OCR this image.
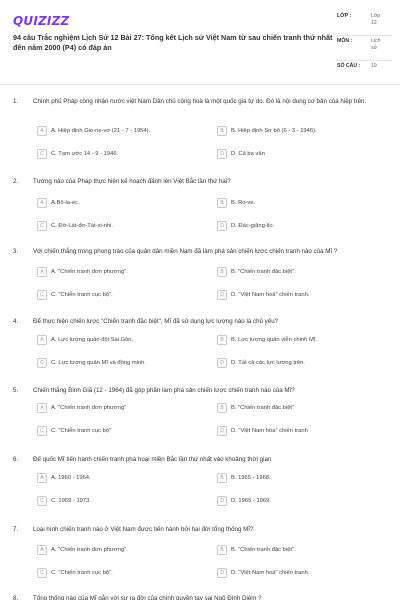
QUIZIZZ
94 câu Trắc nghiệm Lịch Sử 12 Bài 27: Tổng kết Lịch sử Việt Nam từ sau chiến tranh thứ nhất đến năm 2000 (P4) có đáp án
LỚP :	Lớp 12
MÔN :	Lịch sử
SỐ CÂU : 19
1. Chính phủ Pháp công nhận nước việt Nam Dân chủ cộng hoà là một quốc gia tự do. Đó là nội dung cơ bản của hiệp trên.
A	A. Hiệp định Gio-ne-vơ (21 - 7 - 1954).	B	B. Hiệp định Sơ bộ (6 - 3 - 1946).
C	C. Tạm ước 14 - 9 - 1946.	D	D. Cả ba văn
2. Tướng nào của Pháp thực hiện kế hoạch đánh lên Việt Bắc lần thứ hai?
A	A.Bô-la-éc.	B	B. Ro-ve.
C	C. Đờ-Lát-đơ-Tát-xi-nhi.	D	D. Đác-giăng-lio.
3. Với chiến thắng trong phong trào của quân dân miền Nam đã làm phá sản chiến lược chiến tranh nào của Mĩ ?
A	A. "Chiến tranh đơn phương".	B	B. "Chiến tranh đặc biệt".
C	C. "Chiến tranh cục bộ".	D	D. "Việt Nam hoá" chiến tranh.
4. Để thực hiện chiến lược "Chiến tranh đặc biệt", Mĩ đã sử dụng lực lượng nào là chủ yếu?
A	A. Lực lượng quân đội Sài Gòn.	B	B. Lực lượng quân viễn chinh Mĩ.
C	C. Lực lượng quân Mĩ và đồng minh.	D	D. Tất cả các lực lượng trên.
5. Chiến thắng Bình Giã (12 - 1964) đã góp phần làm phá sản chiến lược chiến tranh nào của Mĩ?
A	A. "Chiến tranh đơn phương"	B	B. "Chiến tranh đặc biệt"
C	C. "Chiến tranh cục bộ"	D	D. "Việt Nam hóa" chiến tranh
6. Đế quốc Mĩ tiến hành chiến tranh phá hoại miền Bắc lần thứ nhất vào khoảng thời gian
A	A. 1960 - 1964.	B	B. 1965 - 1968.
C	C. 1969 - 1973.	D	D. 1965 - 1969.
7. Loại hình chiến tranh nào ở Việt Nam được tiến hành bởi hai đời tổng thống Mĩ?
A	A. "Chiến tranh đơn phương".	B	B. "Chiến tranh đặc biệt".
C	C. "Chiến tranh cục bộ".	D	D. "Việt Nam hoá" chiến tranh.
8. Tổng thống nào của Mĩ gắn với sự ra đời của chính quyền tay sai Ngô Đình Diệm ?
